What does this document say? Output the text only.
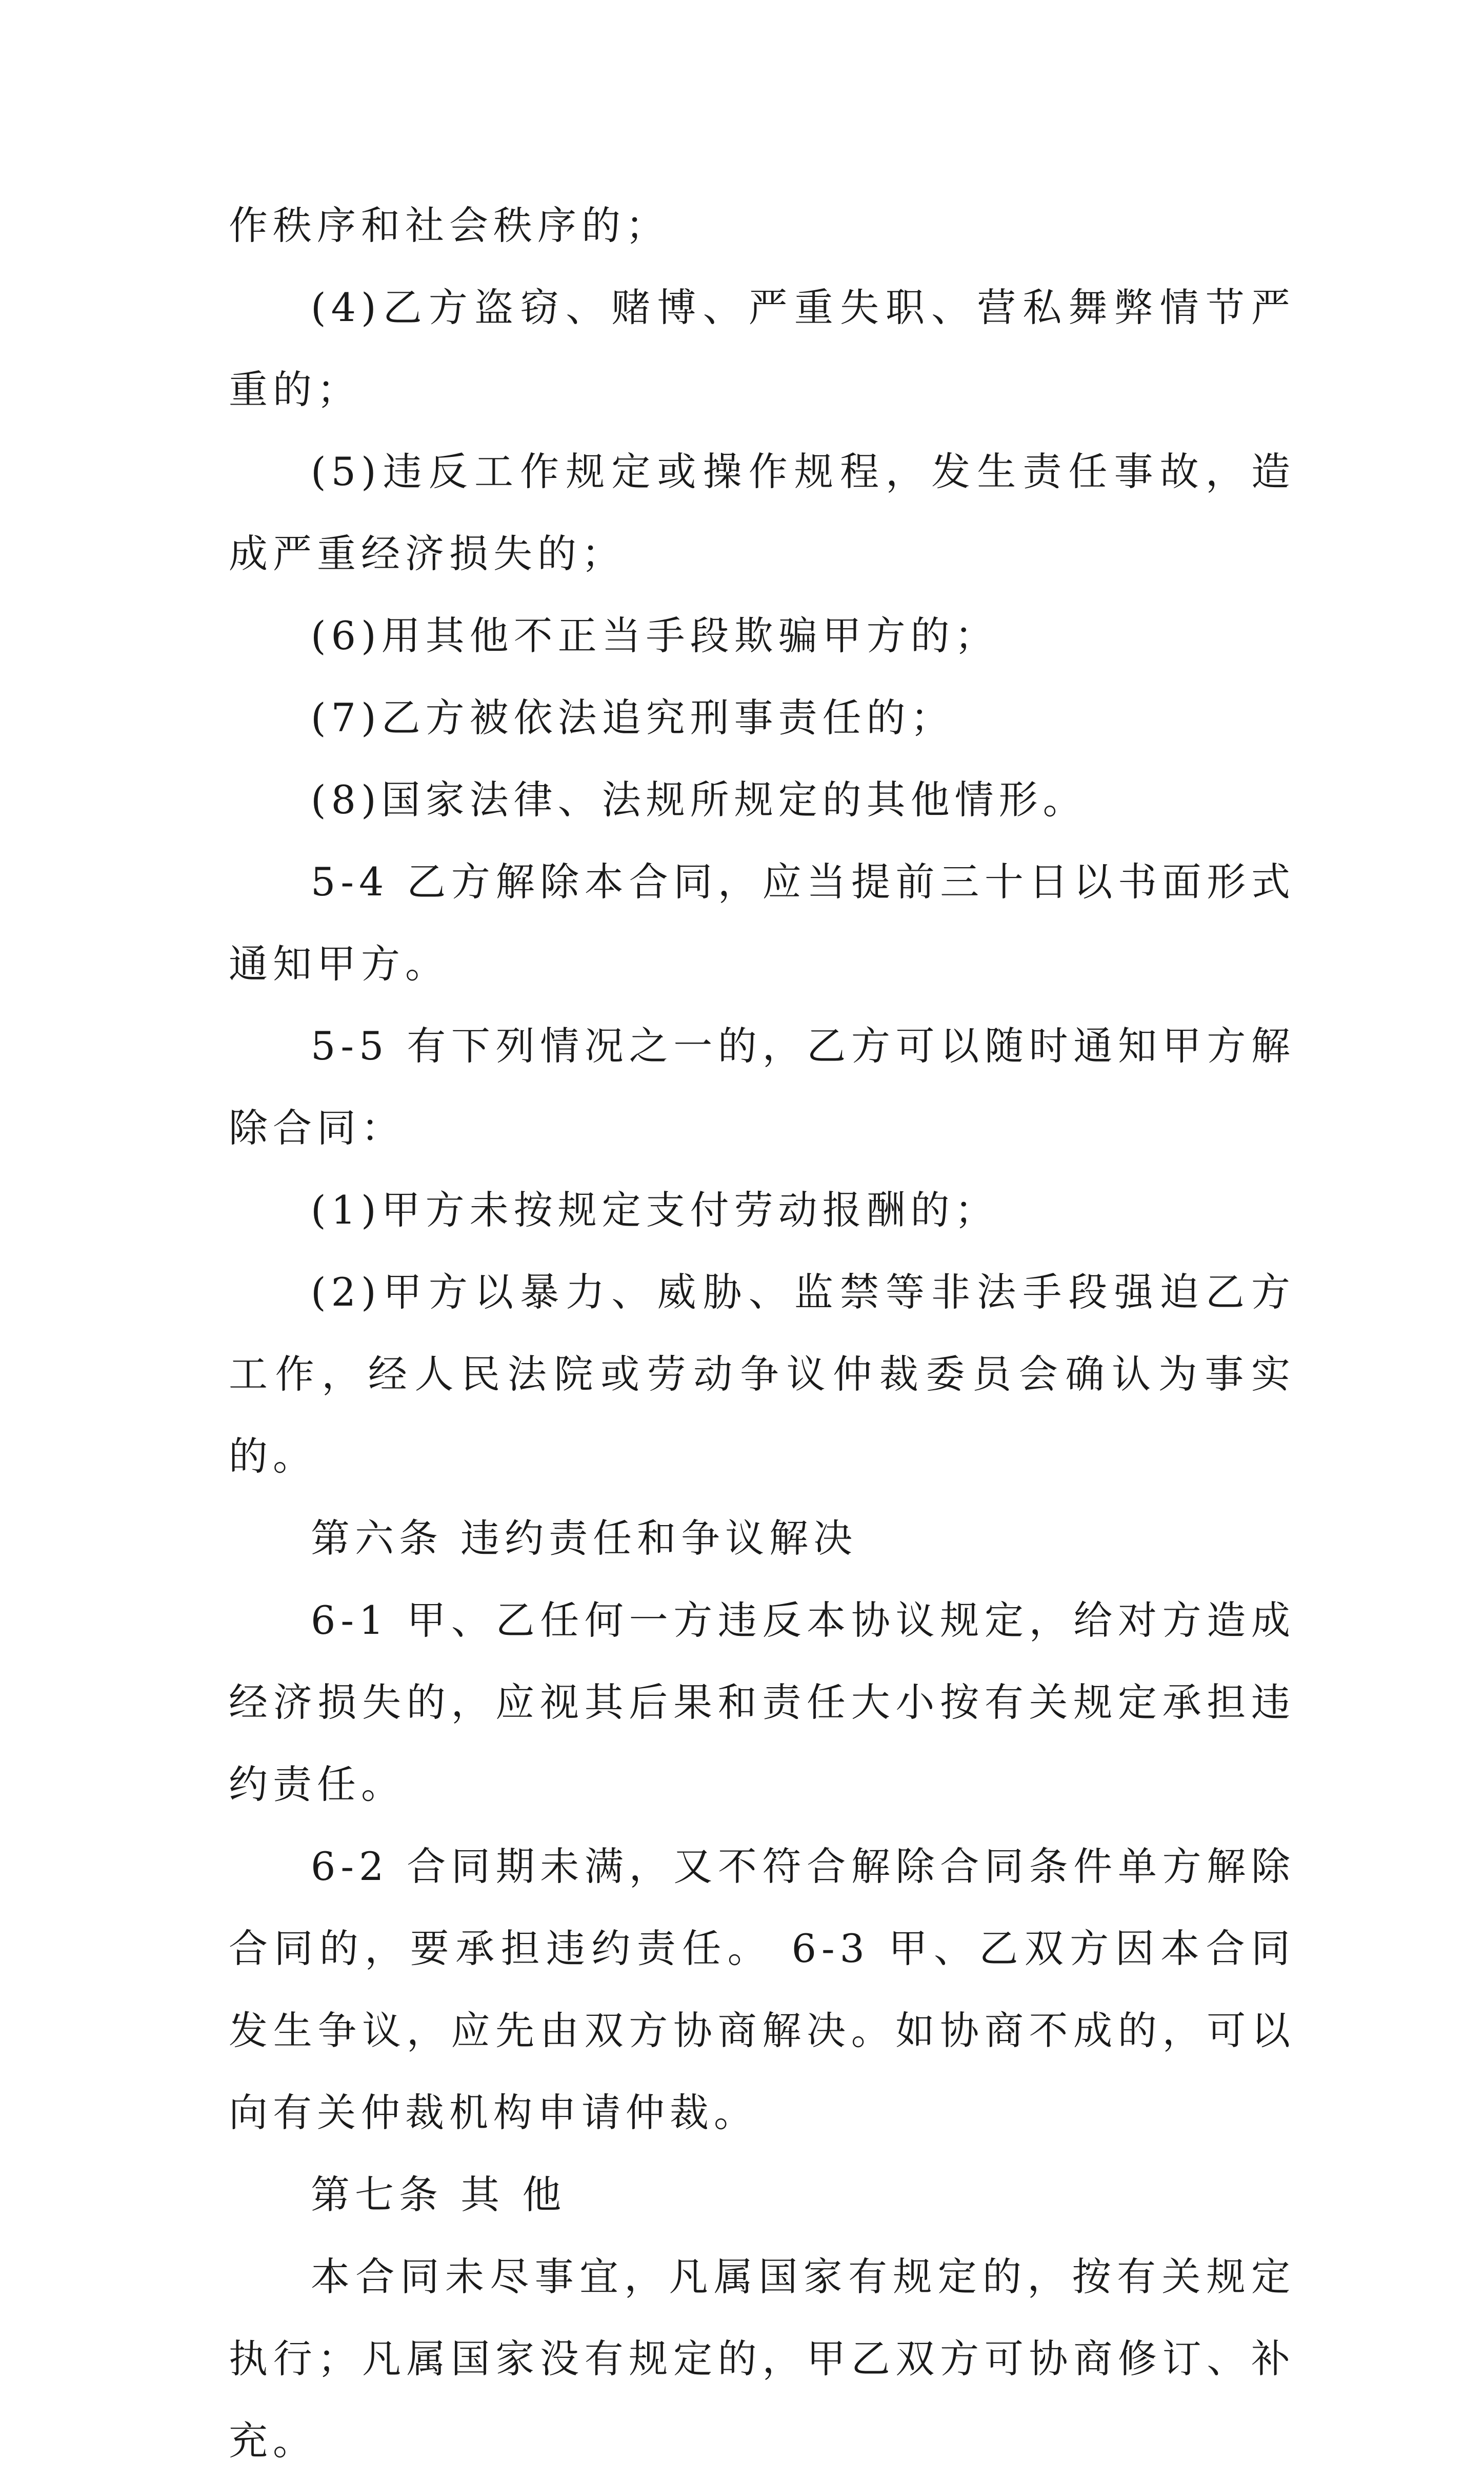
作秩序和社会秩序的；

(4)乙方盗窃、赌博、严重失职、营私舞弊情节严重的；

(5)违反工作规定或操作规程，发生责任事故，造成严重经济损失的；

(6)用其他不正当手段欺骗甲方的；

(7)乙方被依法追究刑事责任的；

(8)国家法律、法规所规定的其他情形。

5-4 乙方解除本合同，应当提前三十日以书面形式通知甲方。

5-5 有下列情况之一的，乙方可以随时通知甲方解除合同：

(1)甲方未按规定支付劳动报酬的；

(2)甲方以暴力、威胁、监禁等非法手段强迫乙方工作，经人民法院或劳动争议仲裁委员会确认为事实的。

第六条 违约责任和争议解决

6-1 甲、乙任何一方违反本协议规定，给对方造成经济损失的，应视其后果和责任大小按有关规定承担违约责任。

6-2 合同期未满，又不符合解除合同条件单方解除合同的，要承担违约责任。 6-3 甲、乙双方因本合同发生争议，应先由双方协商解决。如协商不成的，可以向有关仲裁机构申请仲裁。

第七条 其 他

本合同未尽事宜，凡属国家有规定的，按有关规定执行；凡属国家没有规定的，甲乙双方可协商修订、补充。
